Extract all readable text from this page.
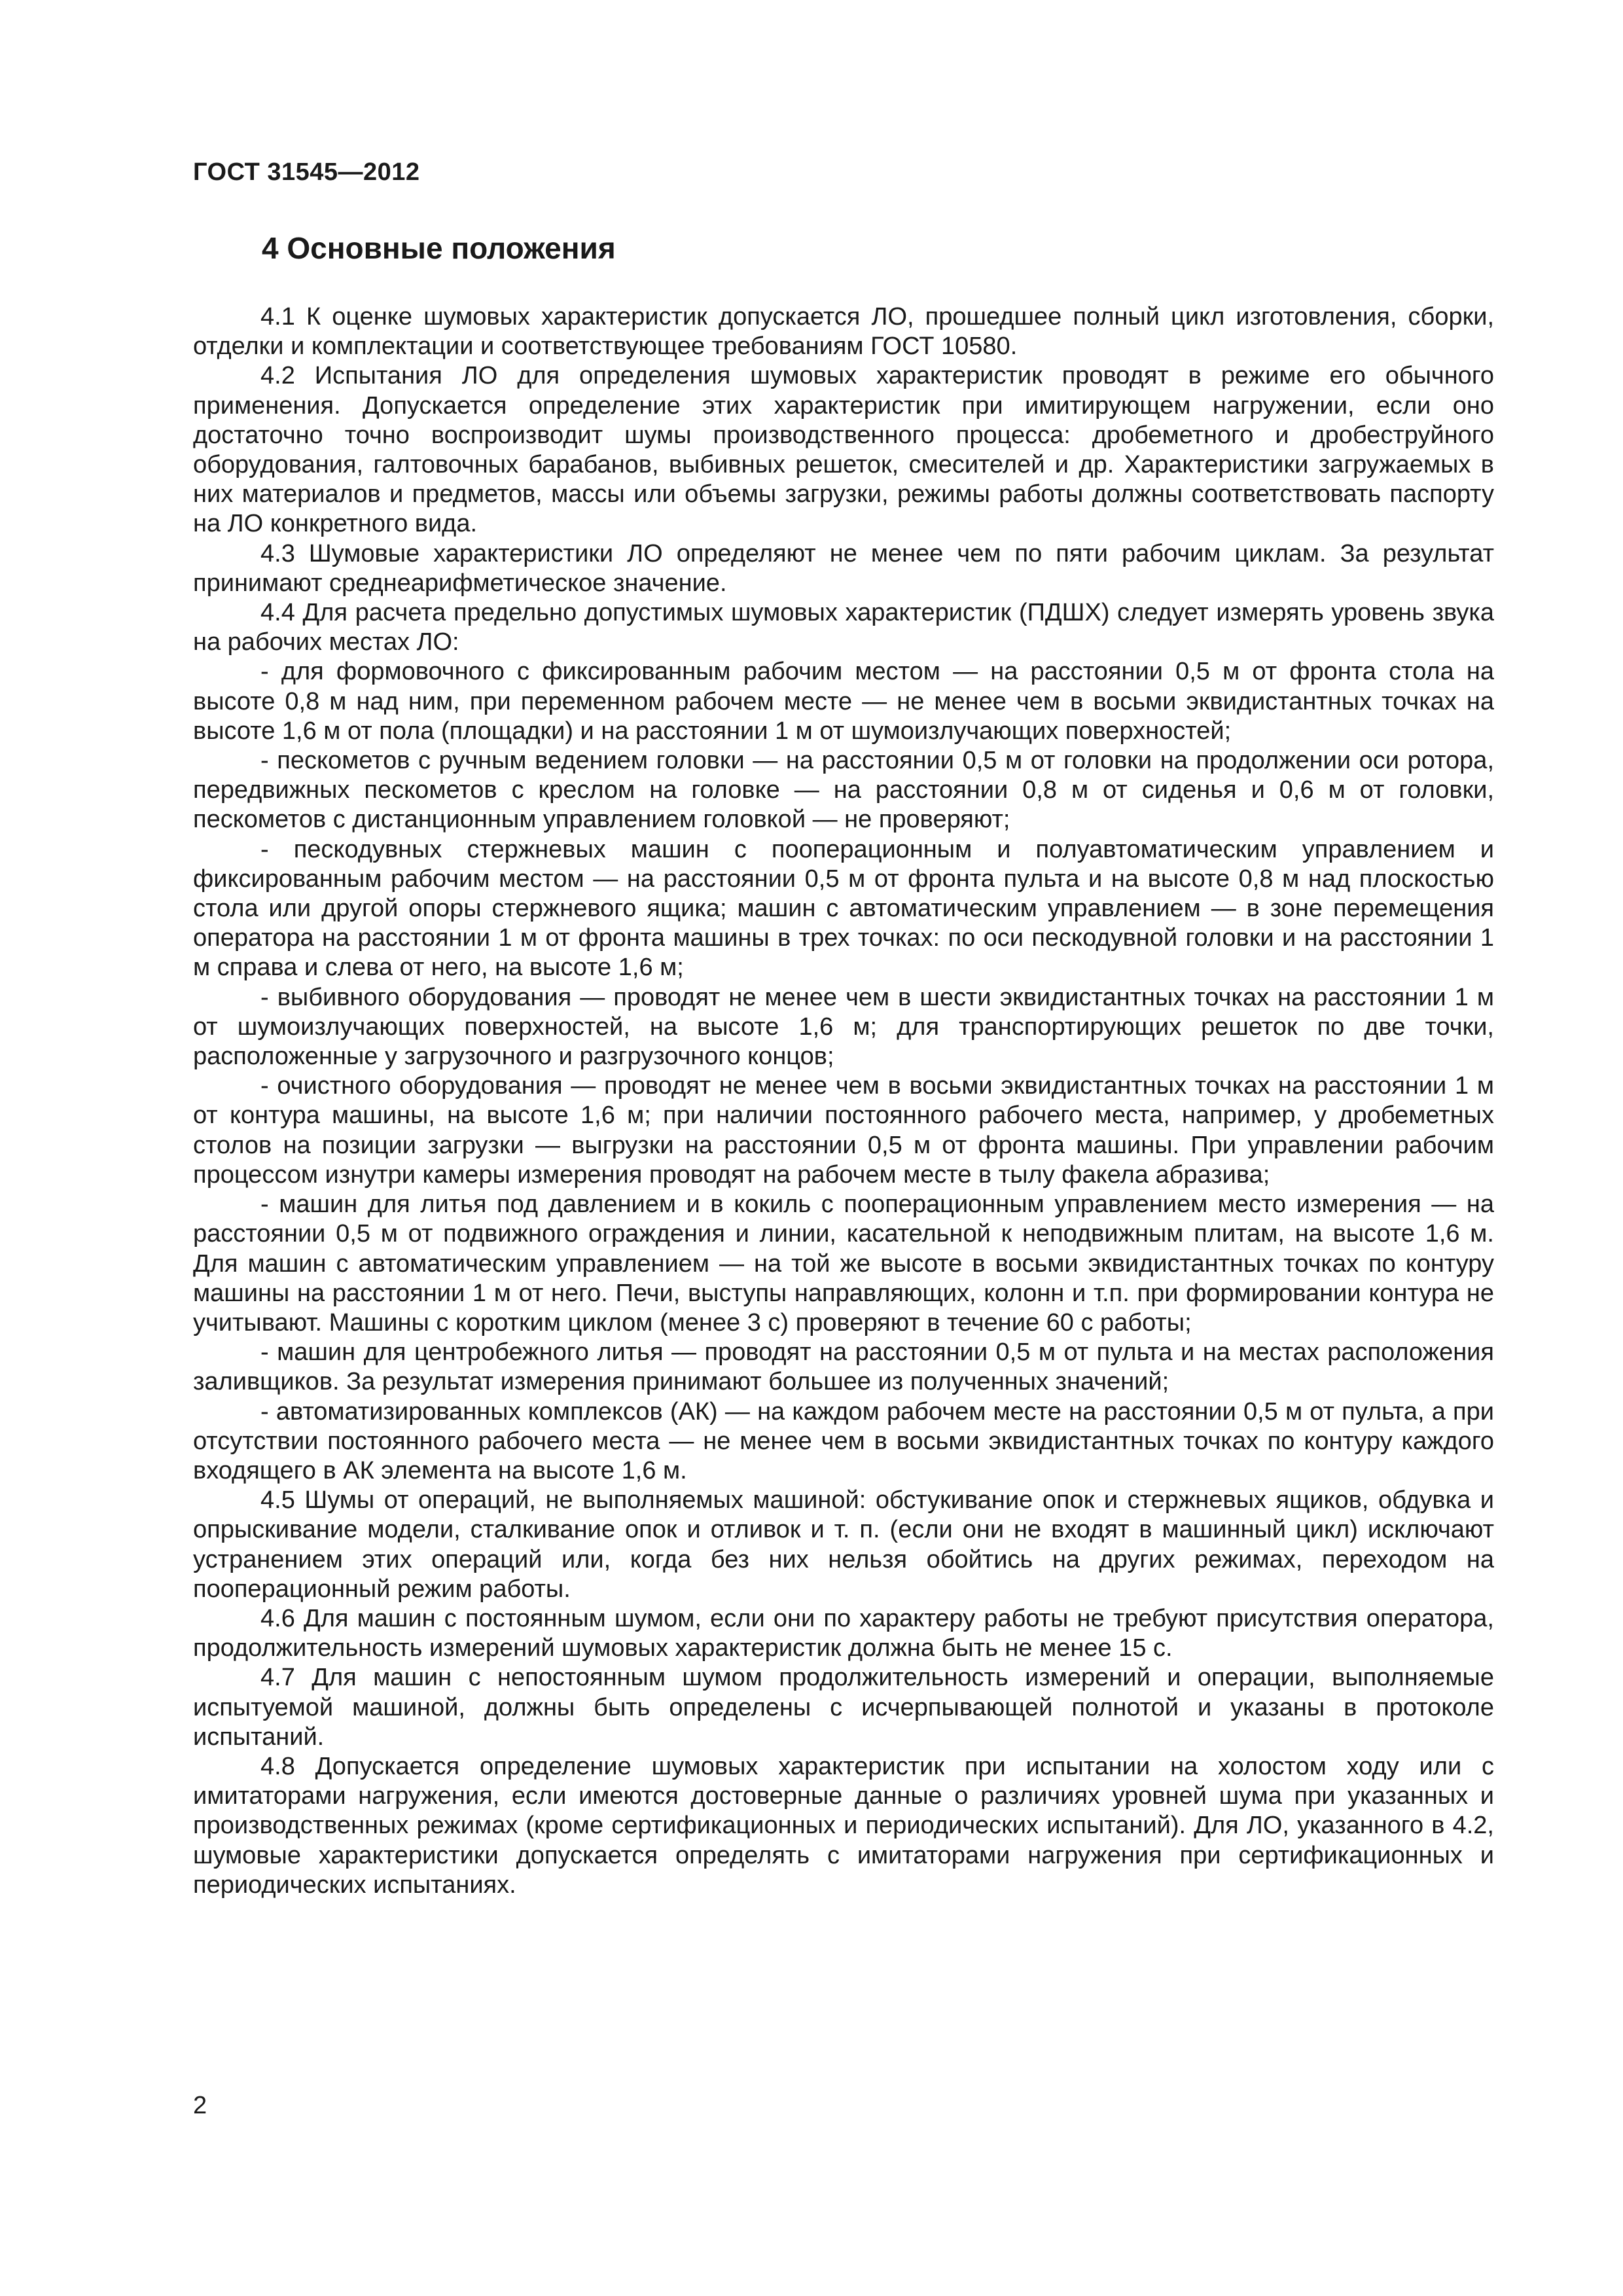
ГОСТ 31545—2012
4 Основные положения

4.1 К оценке шумовых характеристик допускается ЛО, прошедшее полный цикл изготовления, сборки, отделки и комплектации и соответствующее требованиям ГОСТ 10580.

4.2 Испытания ЛО для определения шумовых характеристик проводят в режиме его обычного применения. Допускается определение этих характеристик при имитирующем нагружении, если оно достаточно точно воспроизводит шумы производственного процесса: дробеметного и дробеструйного оборудования, галтовочных барабанов, выбивных решеток, смесителей и др. Характеристики загружаемых в них материалов и предметов, массы или объемы загрузки, режимы работы должны соответствовать паспорту на ЛО конкретного вида.

4.3 Шумовые характеристики ЛО определяют не менее чем по пяти рабочим циклам. За результат принимают среднеарифметическое значение.

4.4 Для расчета предельно допустимых шумовых характеристик (ПДШХ) следует измерять уровень звука на рабочих местах ЛО:

- для формовочного с фиксированным рабочим местом — на расстоянии 0,5 м от фронта стола на высоте 0,8 м над ним, при переменном рабочем месте — не менее чем в восьми эквидистантных точках на высоте 1,6 м от пола (площадки) и на расстоянии 1 м от шумоизлучающих поверхностей;

- пескометов с ручным ведением головки — на расстоянии 0,5 м от головки на продолжении оси ротора, передвижных пескометов с креслом на головке — на расстоянии 0,8 м от сиденья и 0,6 м от головки, пескометов с дистанционным управлением головкой — не проверяют;

- пескодувных стержневых машин с пооперационным и полуавтоматическим управлением и фиксированным рабочим местом — на расстоянии 0,5 м от фронта пульта и на высоте 0,8 м над плоскостью стола или другой опоры стержневого ящика; машин с автоматическим управлением — в зоне перемещения оператора на расстоянии 1 м от фронта машины в трех точках: по оси пескодувной головки и на расстоянии 1 м справа и слева от него, на высоте 1,6 м;

- выбивного оборудования — проводят не менее чем в шести эквидистантных точках на расстоянии 1 м от шумоизлучающих поверхностей, на высоте 1,6 м; для транспортирующих решеток по две точки, расположенные у загрузочного и разгрузочного концов;

- очистного оборудования — проводят не менее чем в восьми эквидистантных точках на расстоянии 1 м от контура машины, на высоте 1,6 м; при наличии постоянного рабочего места, например, у дробеметных столов на позиции загрузки — выгрузки на расстоянии 0,5 м от фронта машины. При управлении рабочим процессом изнутри камеры измерения проводят на рабочем месте в тылу факела абразива;

- машин для литья под давлением и в кокиль с пооперационным управлением место измерения — на расстоянии 0,5 м от подвижного ограждения и линии, касательной к неподвижным плитам, на высоте 1,6 м. Для машин с автоматическим управлением — на той же высоте в восьми эквидистантных точках по контуру машины на расстоянии 1 м от него. Печи, выступы направляющих, колонн и т.п. при формировании контура не учитывают. Машины с коротким циклом (менее 3 с) проверяют в течение 60 с работы;

- машин для центробежного литья — проводят на расстоянии 0,5 м от пульта и на местах расположения заливщиков. За результат измерения принимают большее из полученных значений;

- автоматизированных комплексов (АК) — на каждом рабочем месте на расстоянии 0,5 м от пульта, а при отсутствии постоянного рабочего места — не менее чем в восьми эквидистантных точках по контуру каждого входящего в АК элемента на высоте 1,6 м.

4.5 Шумы от операций, не выполняемых машиной: обстукивание опок и стержневых ящиков, обдувка и опрыскивание модели, сталкивание опок и отливок и т. п. (если они не входят в машинный цикл) исключают устранением этих операций или, когда без них нельзя обойтись на других режимах, переходом на пооперационный режим работы.

4.6 Для машин с постоянным шумом, если они по характеру работы не требуют присутствия оператора, продолжительность измерений шумовых характеристик должна быть не менее 15 с.

4.7 Для машин с непостоянным шумом продолжительность измерений и операции, выполняемые испытуемой машиной, должны быть определены с исчерпывающей полнотой и указаны в протоколе испытаний.

4.8 Допускается определение шумовых характеристик при испытании на холостом ходу или с имитаторами нагружения, если имеются достоверные данные о различиях уровней шума при указанных и производственных режимах (кроме сертификационных и периодических испытаний). Для ЛО, указанного в 4.2, шумовые характеристики допускается определять с имитаторами нагружения при сертификационных и периодических испытаниях.

2
